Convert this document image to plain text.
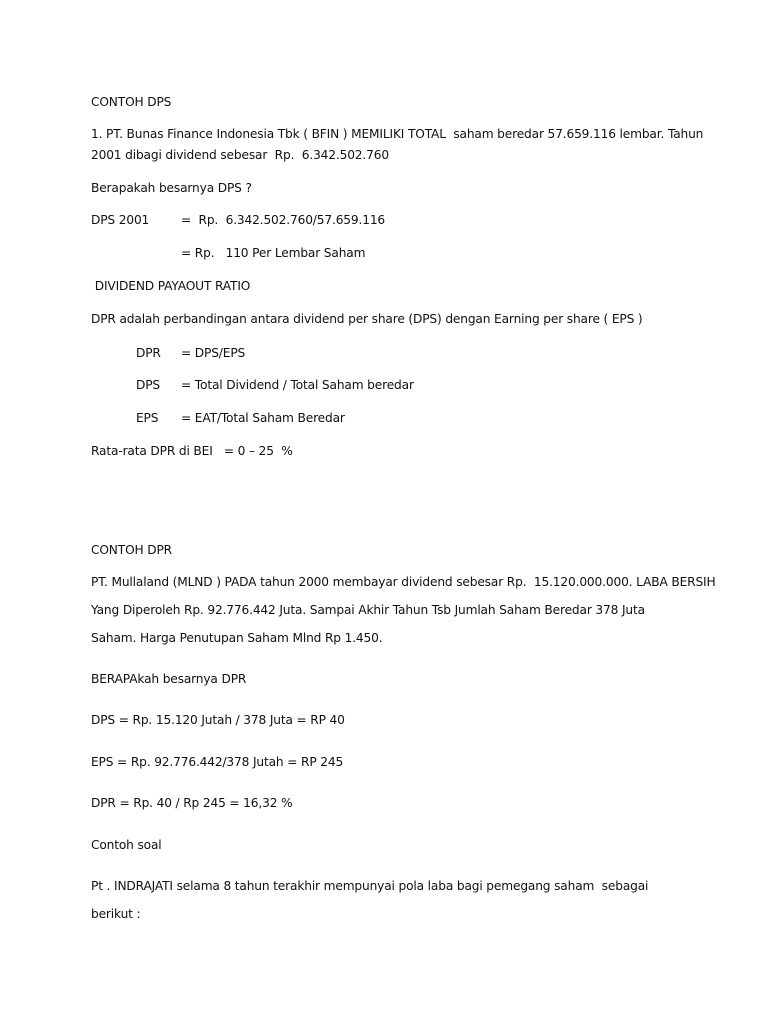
CONTOH DPS
1. PT. Bunas Finance Indonesia Tbk ( BFIN ) MEMILIKI TOTAL  saham beredar 57.659.116 lembar. Tahun
2001 dibagi dividend sebesar  Rp.  6.342.502.760
Berapakah besarnya DPS ?
DPS 2001	=  Rp.  6.342.502.760/57.659.116
= Rp.   110 Per Lembar Saham
DIVIDEND PAYAOUT RATIO
DPR adalah perbandingan antara dividend per share (DPS) dengan Earning per share ( EPS )
DPR = DPS/EPS
DPS = Total Dividend / Total Saham beredar
EPS = EAT/Total Saham Beredar
Rata-rata DPR di BEI   = 0 – 25  %
CONTOH DPR
PT. Mullaland (MLND ) PADA tahun 2000 membayar dividend sebesar Rp.  15.120.000.000. LABA BERSIH
Yang Diperoleh Rp. 92.776.442 Juta. Sampai Akhir Tahun Tsb Jumlah Saham Beredar 378 Juta
Saham. Harga Penutupan Saham Mlnd Rp 1.450.
BERAPAkah besarnya DPR
DPS = Rp. 15.120 Jutah / 378 Juta = RP 40
EPS = Rp. 92.776.442/378 Jutah = RP 245
DPR = Rp. 40 / Rp 245 = 16,32 %
Contoh soal
Pt . INDRAJATI selama 8 tahun terakhir mempunyai pola laba bagi pemegang saham  sebagai
berikut :
